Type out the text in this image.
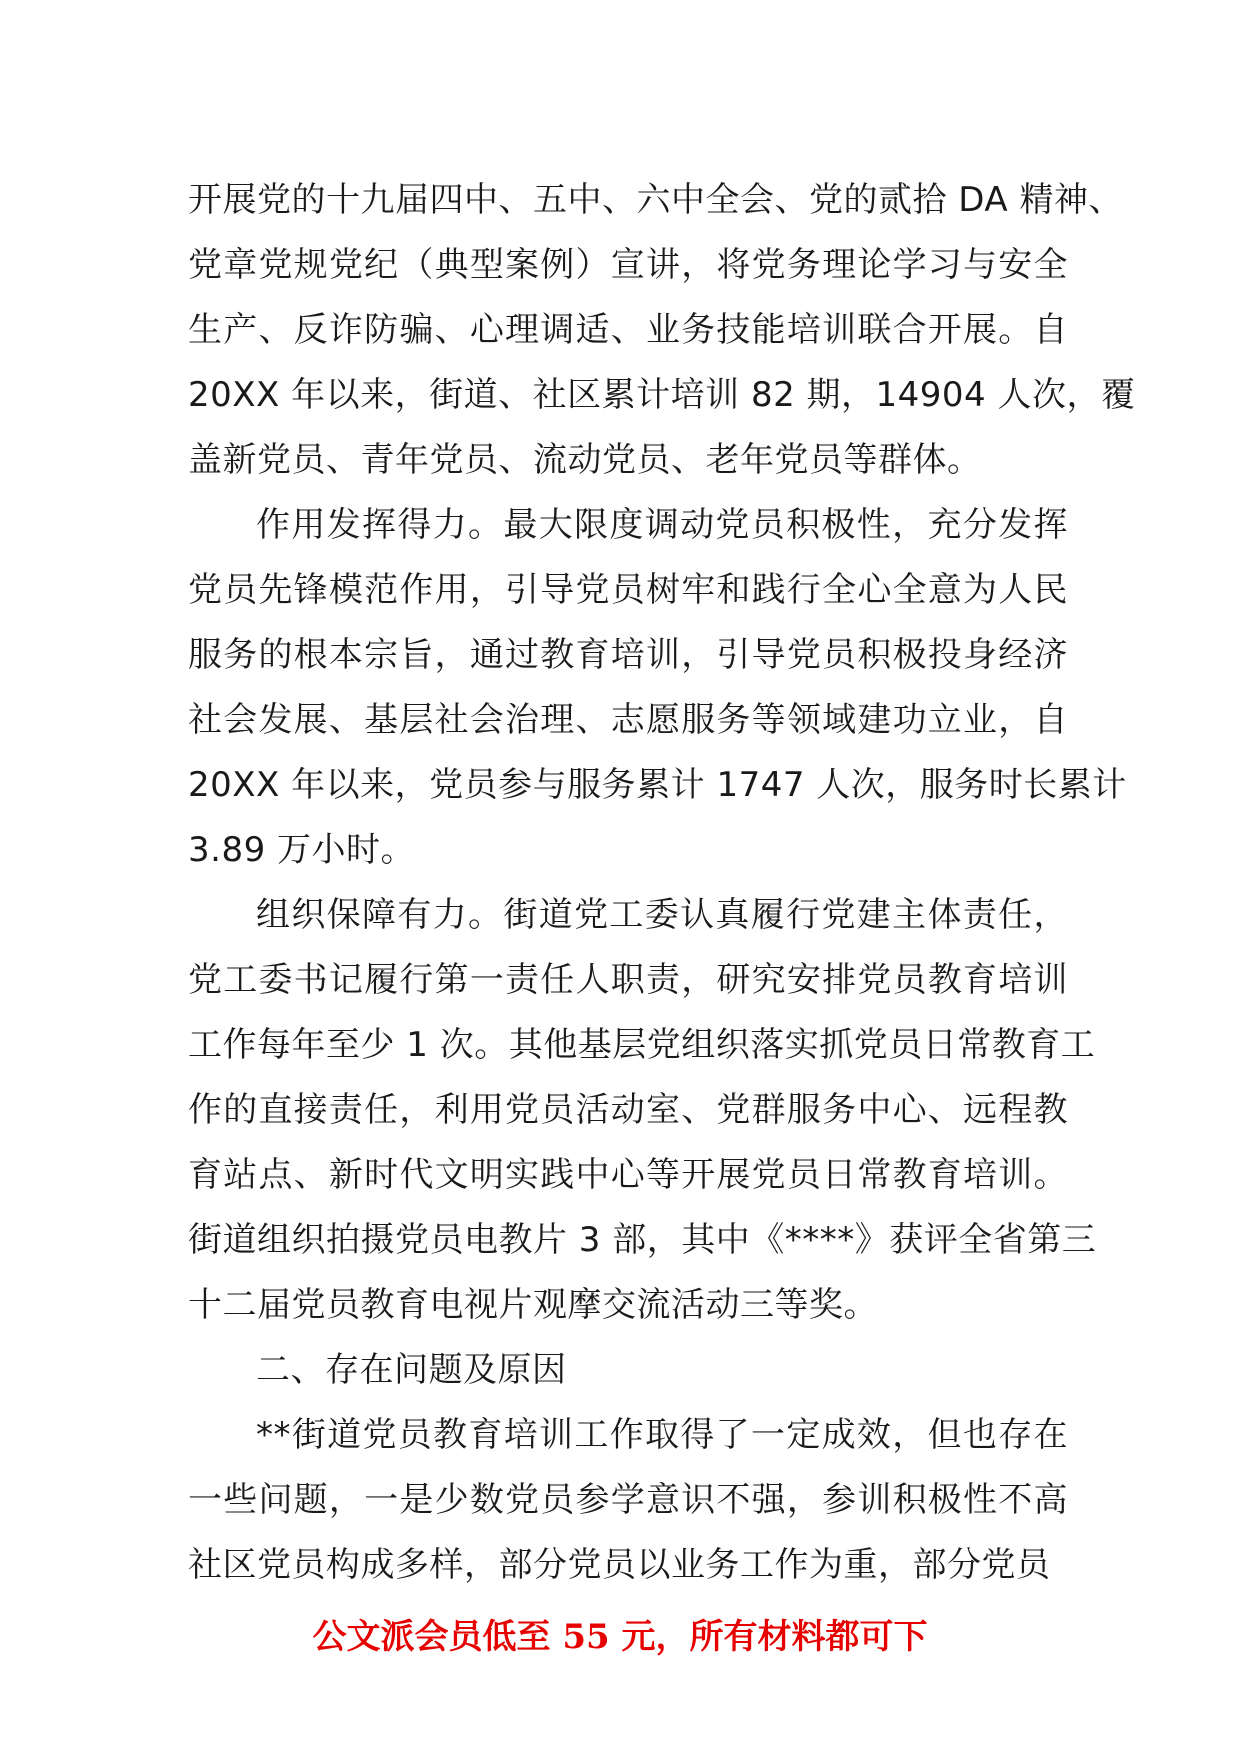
开展党的十九届四中、五中、六中全会、党的贰拾 DA 精神、
党章党规党纪（典型案例）宣讲，将党务理论学习与安全
生产、反诈防骗、心理调适、业务技能培训联合开展。自
20XX 年以来，街道、社区累计培训 82 期，14904 人次，覆
盖新党员、青年党员、流动党员、老年党员等群体。
作用发挥得力。最大限度调动党员积极性，充分发挥
党员先锋模范作用，引导党员树牢和践行全心全意为人民
服务的根本宗旨，通过教育培训，引导党员积极投身经济
社会发展、基层社会治理、志愿服务等领域建功立业，自
20XX 年以来，党员参与服务累计 1747 人次，服务时长累计
3.89 万小时。
组织保障有力。街道党工委认真履行党建主体责任，
党工委书记履行第一责任人职责，研究安排党员教育培训
工作每年至少 1 次。其他基层党组织落实抓党员日常教育工
作的直接责任，利用党员活动室、党群服务中心、远程教
育站点、新时代文明实践中心等开展党员日常教育培训。
街道组织拍摄党员电教片 3 部，其中《****》获评全省第三
十二届党员教育电视片观摩交流活动三等奖。
二、存在问题及原因
**街道党员教育培训工作取得了一定成效，但也存在
一些问题，一是少数党员参学意识不强，参训积极性不高
社区党员构成多样，部分党员以业务工作为重，部分党员
公文派会员低至 55 元，所有材料都可下
